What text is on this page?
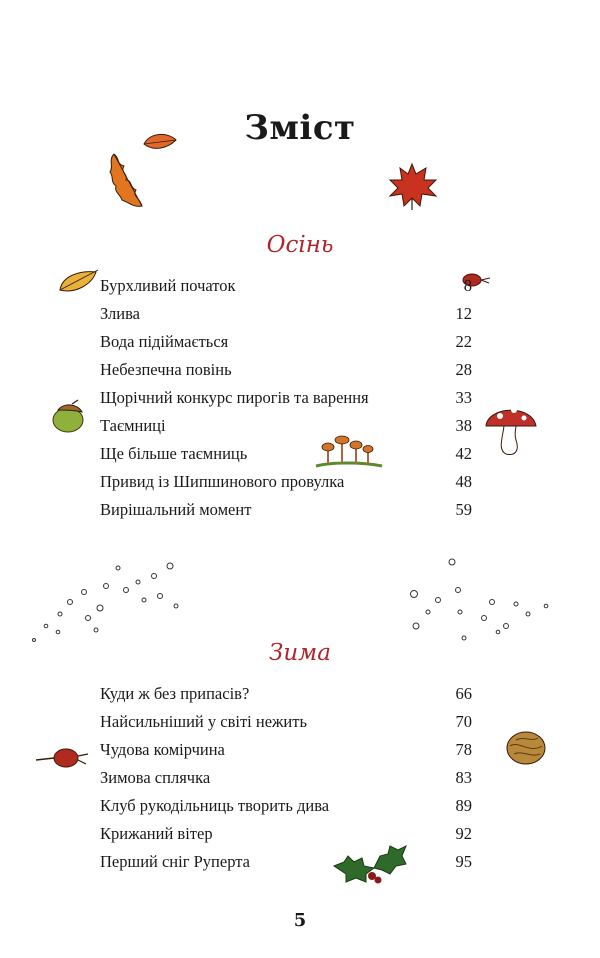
Зміст
Осінь
Бурхливий початок	8
Злива	12
Вода підіймається	22
Небезпечна повінь	28
Щорічний конкурс пирогів та варення	33
Таємниці	38
Ще більше таємниць	42
Привид із Шипшинового провулка	48
Вирішальний момент	59
Зима
Куди ж без припасів?	66
Найсильніший у світі нежить	70
Чудова комірчина	78
Зимова сплячка	83
Клуб рукодільниць творить дива	89
Крижаний вітер	92
Перший сніг Руперта	95
5
